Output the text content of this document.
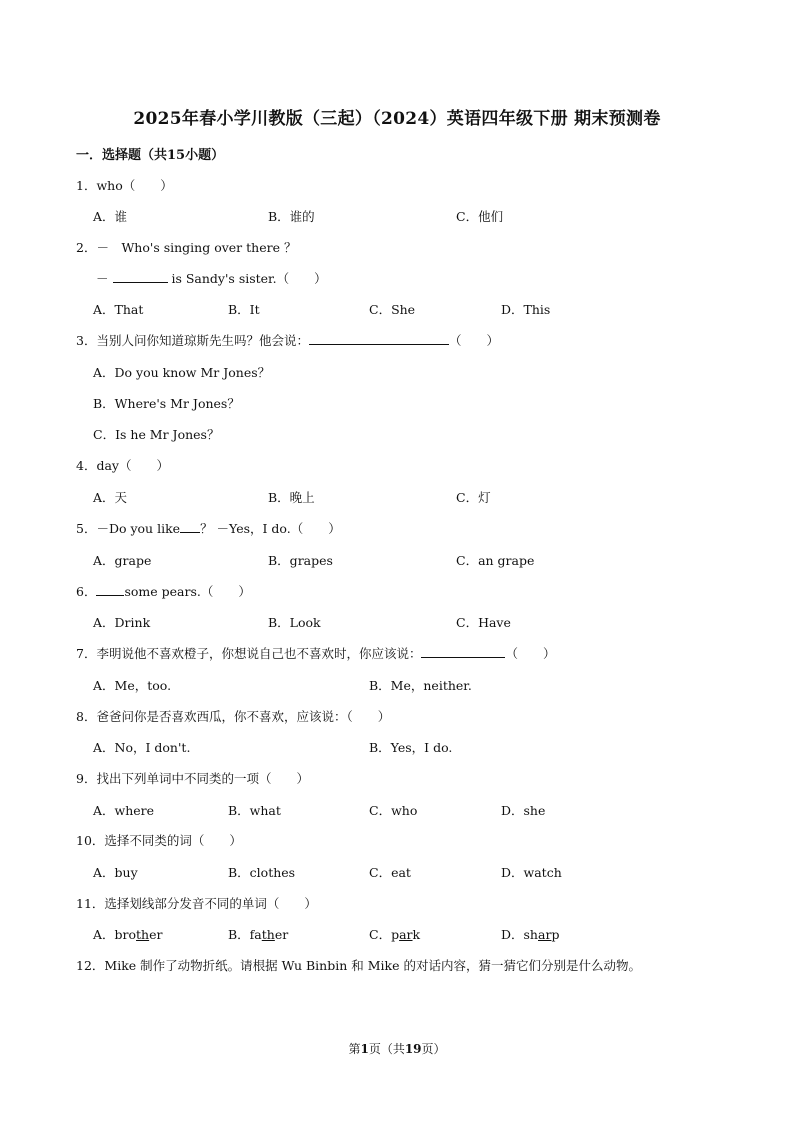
2025年春小学川教版（三起）（2024）英语四年级下册 期末预测卷
一．选择题（共15小题）
1．who（　　）
A．谁	B．谁的	C．他们
2．－　Who's singing over there ？
－	is Sandy's sister.（　　）
A．That	B．It	C．She	D．This
3．当别人问你知道琼斯先生吗？他会说：	（　　）
A．Do you know Mr Jones？
B．Where's Mr Jones？
C．Is he Mr Jones？
4．day（　　）
A．天	B．晚上	C．灯
5．－Do you like ？ －Yes，I do.（　　）
A．grape	B．grapes	C．an grape
6． some pears.（　　）
A．Drink	B．Look	C．Have
7．李明说他不喜欢橙子，你想说自己也不喜欢时，你应该说：	（　　）
A．Me，too.	B．Me，neither.
8．爸爸问你是否喜欢西瓜，你不喜欢，应该说：（　　）
A．No，I don't.	B．Yes，I do.
9．找出下列单词中不同类的一项（　　）
A．where	B．what	C．who	D．she
10．选择不同类的词（　　）
A．buy	B．clothes	C．eat	D．watch
11．选择划线部分发音不同的单词（　　）
A．brother	B．father	C．park	D．sharp
12．Mike 制作了动物折纸。请根据 Wu Binbin 和 Mike 的对话内容，猜一猜它们分别是什么动物。
第1页（共19页）
